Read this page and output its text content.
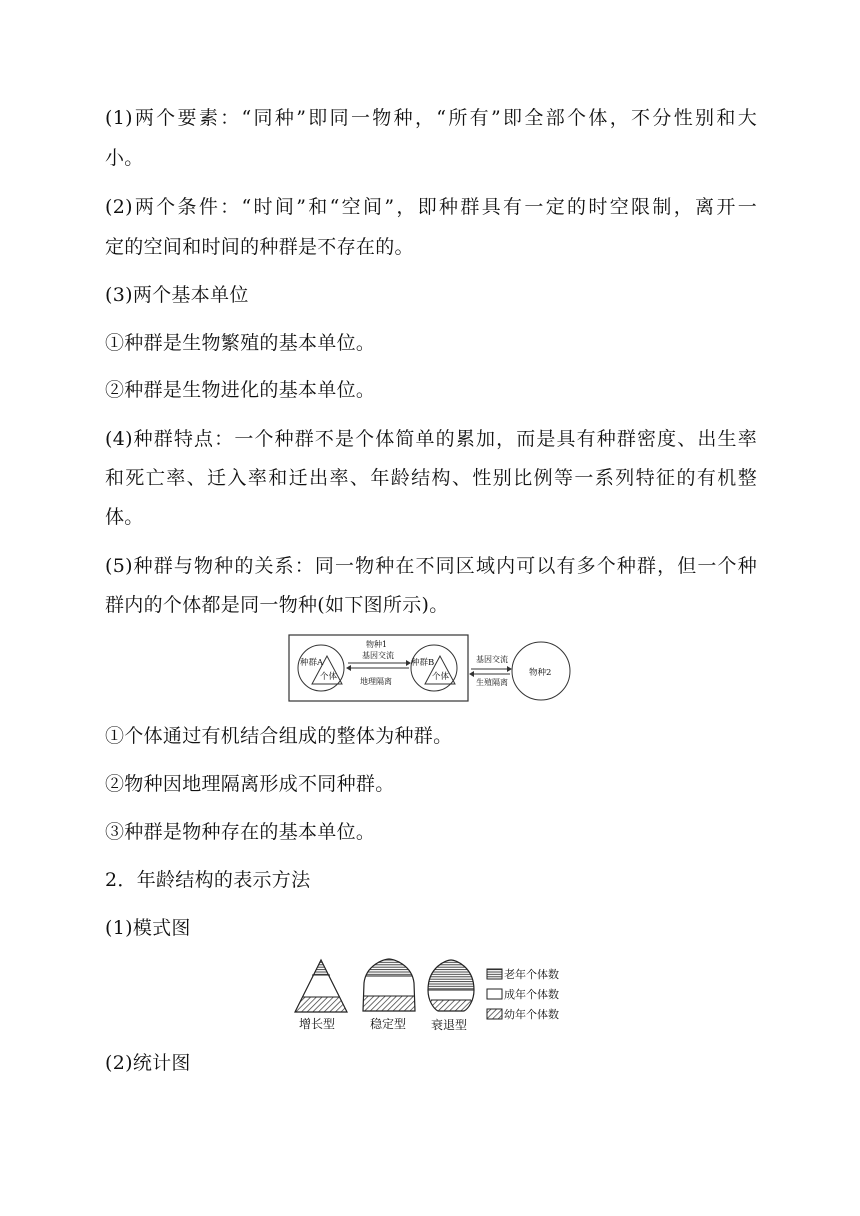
(1)两个要素：“同种”即同一物种，“所有”即全部个体，不分性别和大
小。
(2)两个条件：“时间”和“空间”，即种群具有一定的时空限制，离开一
定的空间和时间的种群是不存在的。
(3)两个基本单位
①种群是生物繁殖的基本单位。
②种群是生物进化的基本单位。
(4)种群特点：一个种群不是个体简单的累加，而是具有种群密度、出生率
和死亡率、迁入率和迁出率、年龄结构、性别比例等一系列特征的有机整
体。
(5)种群与物种的关系：同一物种在不同区域内可以有多个种群，但一个种
群内的个体都是同一物种(如下图所示)。
种群A
个体
种群B
个体
物种1
基因交流
地理隔离
基因交流
生殖隔离
物种2
①个体通过有机结合组成的整体为种群。
②物种因地理隔离形成不同种群。
③种群是物种存在的基本单位。
2．年龄结构的表示方法
(1)模式图
增长型	稳定型 衰退型
老年个体数
成年个体数
幼年个体数
(2)统计图
